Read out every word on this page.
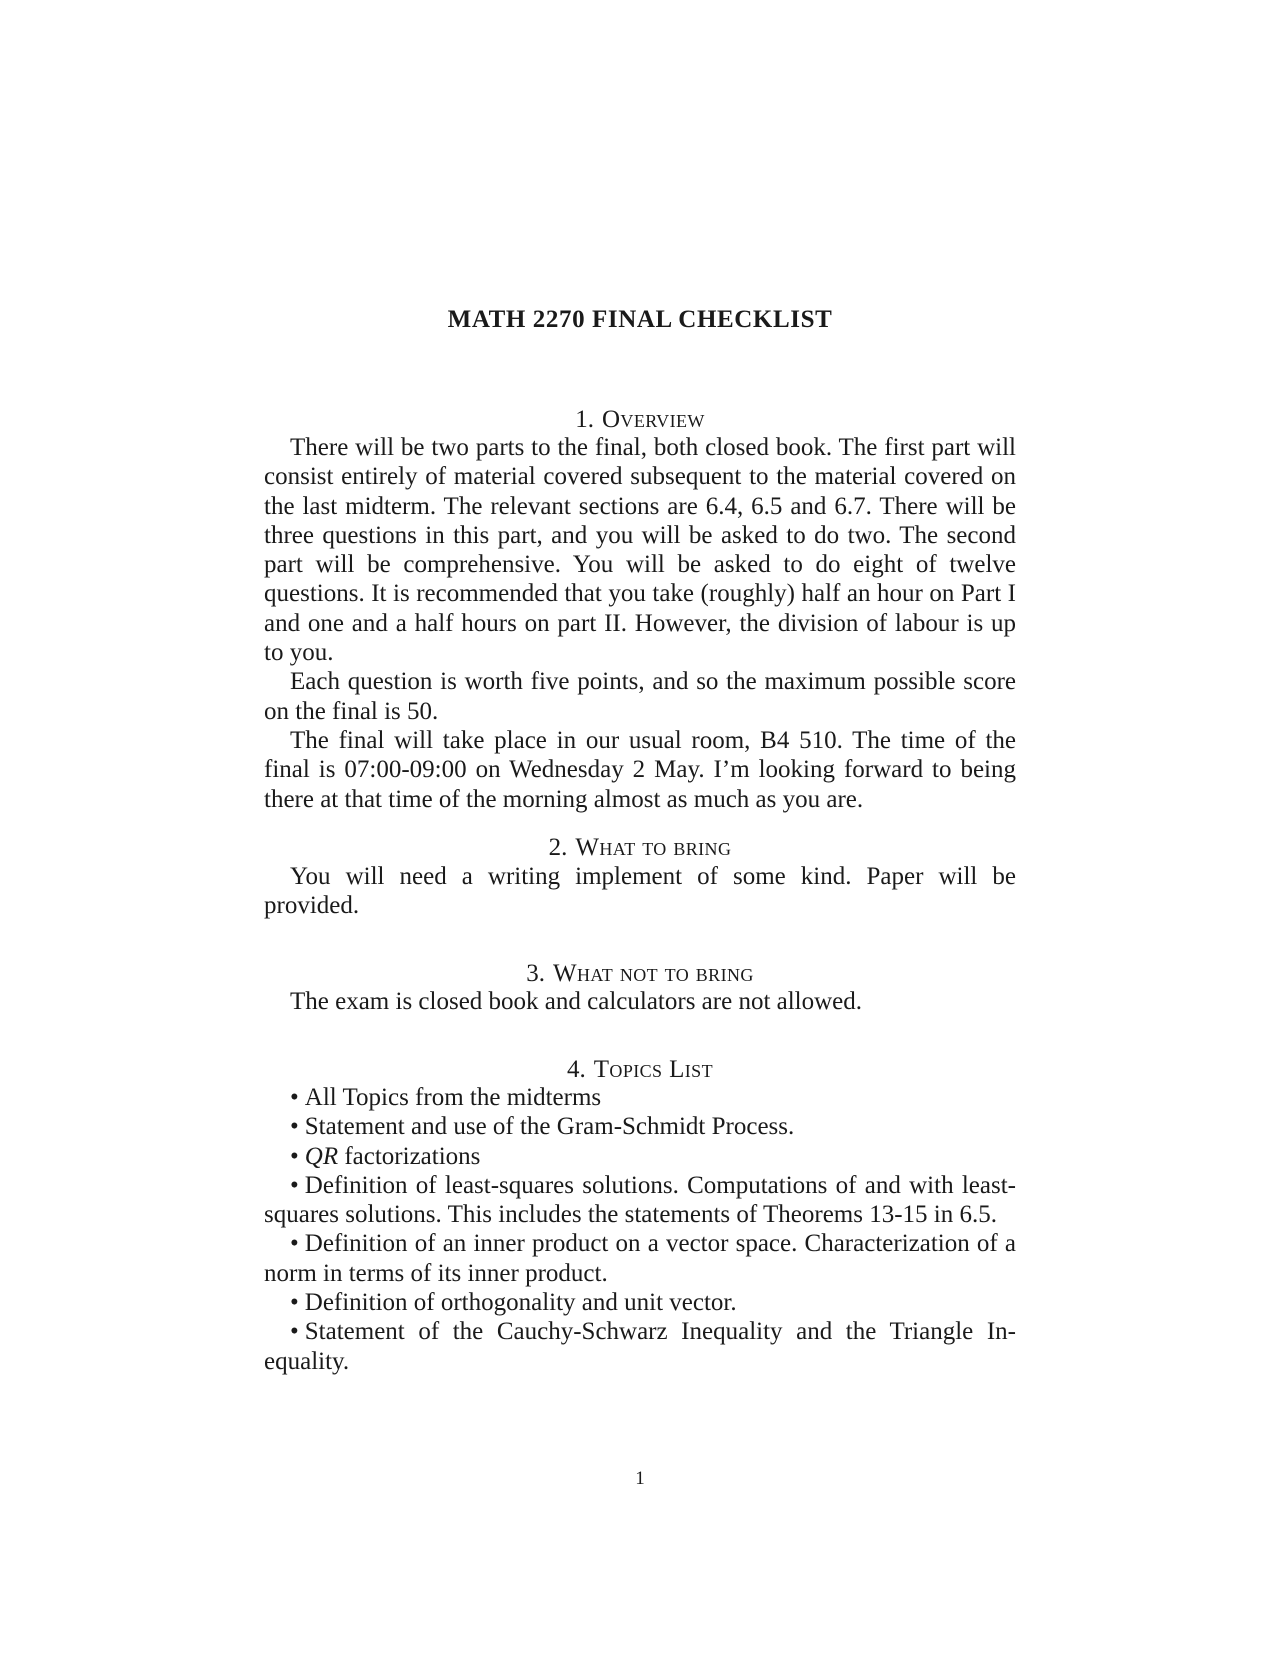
MATH 2270 FINAL CHECKLIST
1. Overview

There will be two parts to the final, both closed book. The first part will consist entirely of material covered subsequent to the material covered on the last midterm. The relevant sections are 6.4, 6.5 and 6.7. There will be three questions in this part, and you will be asked to do two. The second part will be comprehensive. You will be asked to do eight of twelve questions. It is recommended that you take (roughly) half an hour on Part I and one and a half hours on part II. However, the division of labour is up to you.

Each question is worth five points, and so the maximum possible score on the final is 50.

The final will take place in our usual room, B4 510. The time of the final is 07:00-09:00 on Wednesday 2 May. I’m looking forward to being there at that time of the morning almost as much as you are.

2. What to bring

You will need a writing implement of some kind. Paper will be provided.

3. What not to bring

The exam is closed book and calculators are not allowed.

4. Topics List
• All Topics from the midterms
• Statement and use of the Gram-Schmidt Process.
• QR factorizations
• Definition of least-squares solutions. Computations of and with least-squares solutions. This includes the statements of Theorems 13-15 in 6.5.
• Definition of an inner product on a vector space. Characterization of a norm in terms of its inner product.
• Definition of orthogonality and unit vector.
• Statement of the Cauchy-Schwarz Inequality and the Triangle Inequality.
1
